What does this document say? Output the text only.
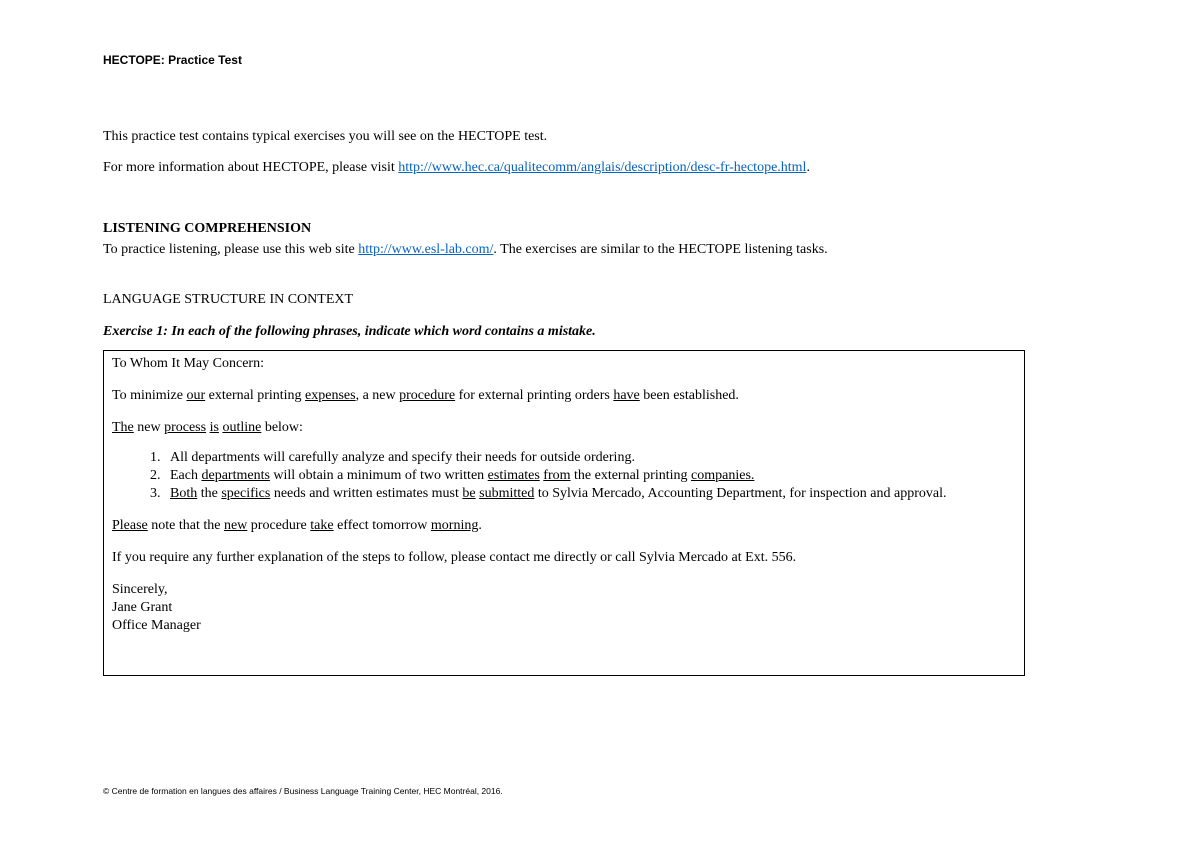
HECTOPE: Practice Test
This practice test contains typical exercises you will see on the HECTOPE test.
For more information about HECTOPE, please visit http://www.hec.ca/qualitecomm/anglais/description/desc-fr-hectope.html.
LISTENING COMPREHENSION
To practice listening, please use this web site http://www.esl-lab.com/. The exercises are similar to the HECTOPE listening tasks.
LANGUAGE STRUCTURE IN CONTEXT
Exercise 1: In each of the following phrases, indicate which word contains a mistake.

To Whom It May Concern:

To minimize our external printing expenses, a new procedure for external printing orders have been established.

The new process is outline below:

1. All departments will carefully analyze and specify their needs for outside ordering.
2. Each departments will obtain a minimum of two written estimates from the external printing companies.
3. Both the specifics needs and written estimates must be submitted to Sylvia Mercado, Accounting Department, for inspection and approval.

Please note that the new procedure take effect tomorrow morning.

If you require any further explanation of the steps to follow, please contact me directly or call Sylvia Mercado at Ext. 556.

Sincerely,

Jane Grant

Office Manager

© Centre de formation en langues des affaires / Business Language Training Center, HEC Montréal, 2016.
